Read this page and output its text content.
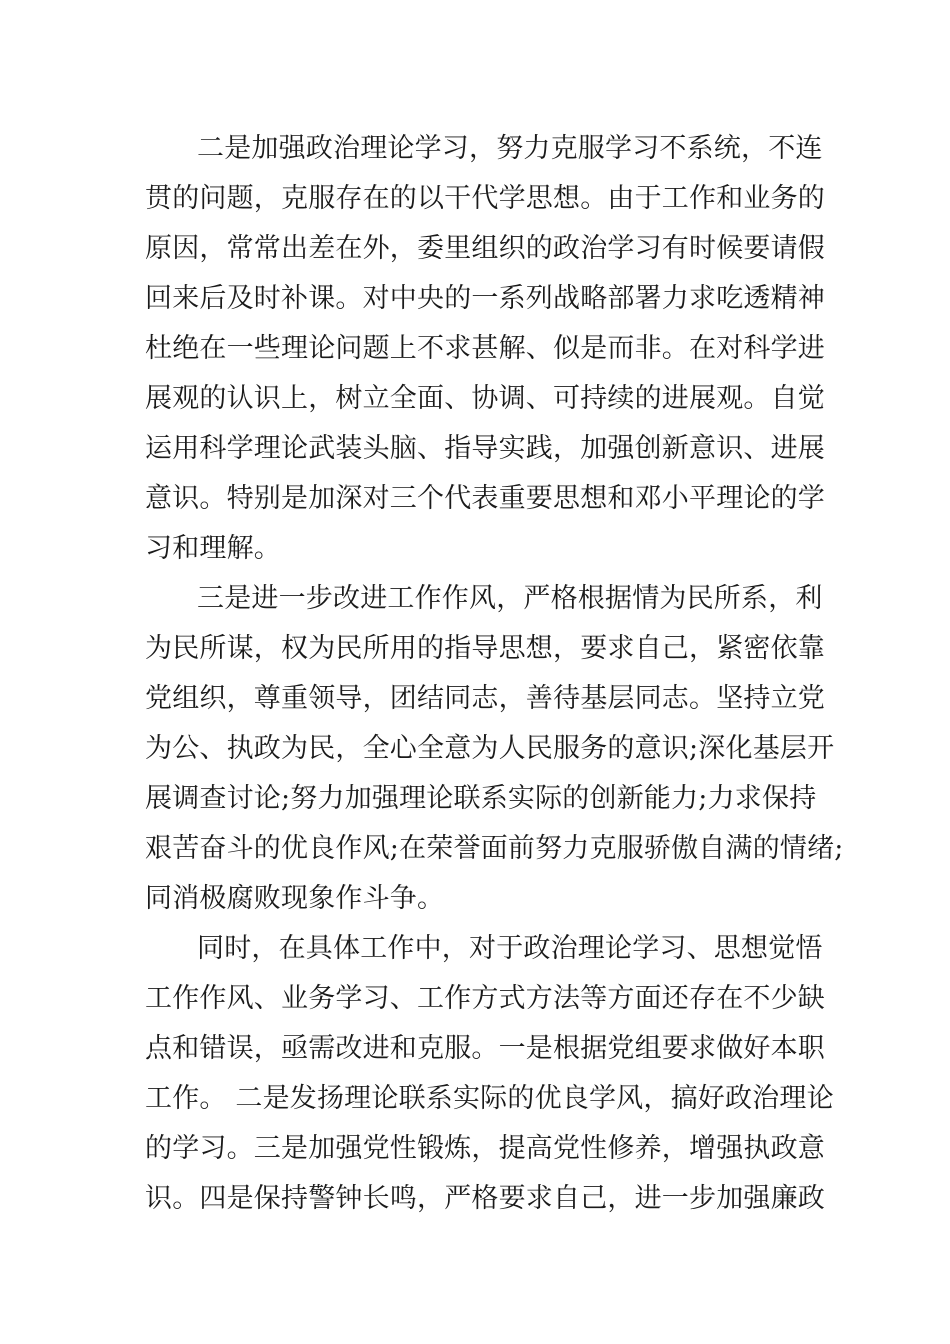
二是加强政治理论学习，努力克服学习不系统，不连
贯的问题，克服存在的以干代学思想。由于工作和业务的
原因，常常出差在外，委里组织的政治学习有时候要请假
回来后及时补课。对中央的一系列战略部署力求吃透精神
杜绝在一些理论问题上不求甚解、似是而非。在对科学进
展观的认识上，树立全面、协调、可持续的进展观。自觉
运用科学理论武装头脑、指导实践，加强创新意识、进展
意识。特别是加深对三个代表重要思想和邓小平理论的学
习和理解。
三是进一步改进工作作风，严格根据情为民所系，利
为民所谋，权为民所用的指导思想，要求自己，紧密依靠
党组织，尊重领导，团结同志，善待基层同志。坚持立党
为公、执政为民，全心全意为人民服务的意识;深化基层开
展调查讨论;努力加强理论联系实际的创新能力;力求保持
艰苦奋斗的优良作风;在荣誉面前努力克服骄傲自满的情绪;
同消极腐败现象作斗争。
同时，在具体工作中，对于政治理论学习、思想觉悟
工作作风、业务学习、工作方式方法等方面还存在不少缺
点和错误，亟需改进和克服。一是根据党组要求做好本职
工作。 二是发扬理论联系实际的优良学风，搞好政治理论
的学习。三是加强党性锻炼，提高党性修养，增强执政意
识。四是保持警钟长鸣，严格要求自己，进一步加强廉政
